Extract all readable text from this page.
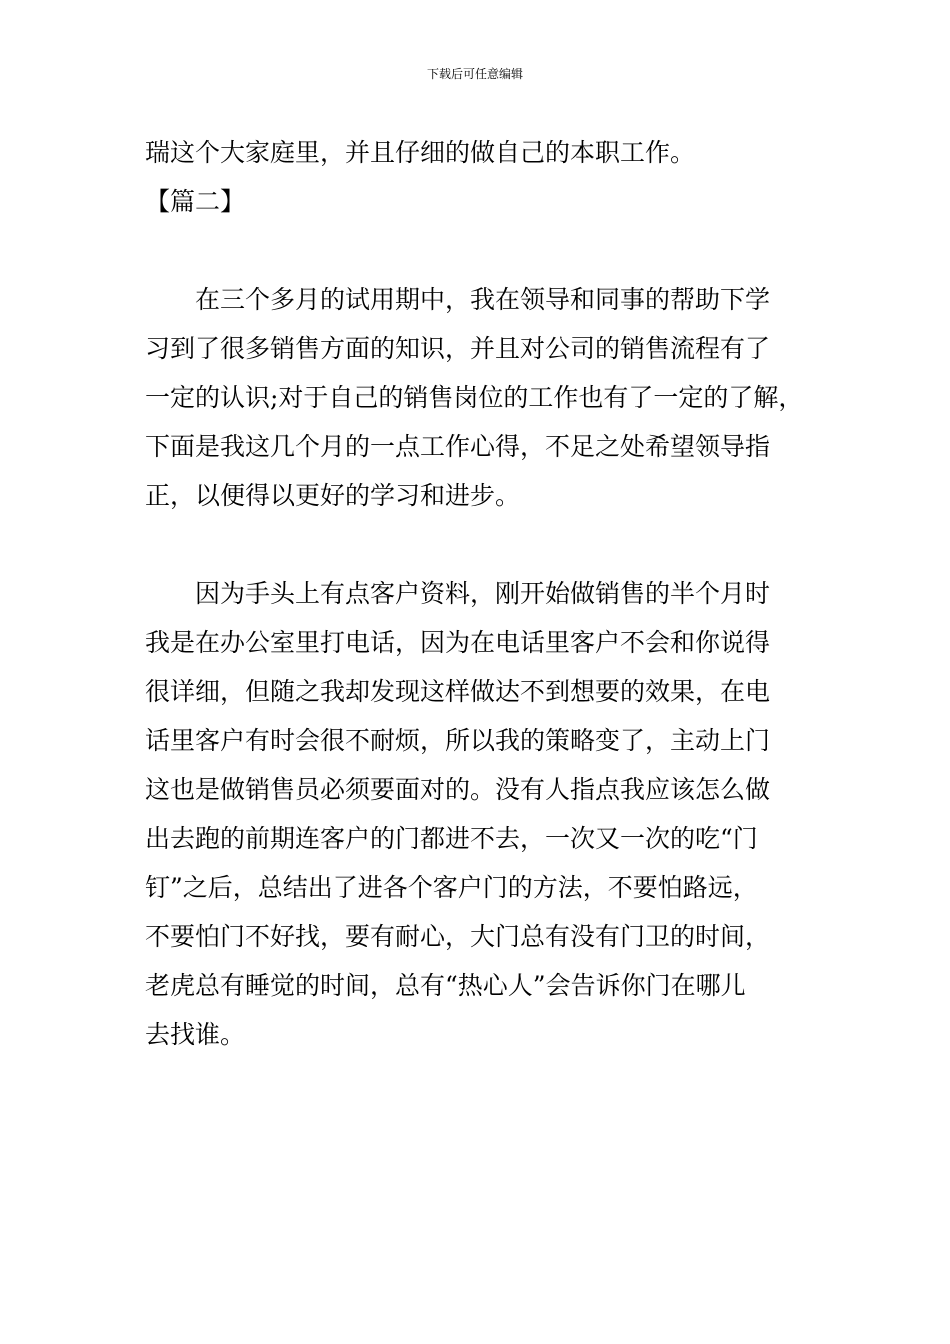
下载后可任意编辑
瑞这个大家庭里，并且仔细的做自己的本职工作。
【篇二】
　　在三个多月的试用期中，我在领导和同事的帮助下学
习到了很多销售方面的知识，并且对公司的销售流程有了
一定的认识;对于自己的销售岗位的工作也有了一定的了解，
下面是我这几个月的一点工作心得，不足之处希望领导指
正，以便得以更好的学习和进步。
　　因为手头上有点客户资料，刚开始做销售的半个月时
我是在办公室里打电话，因为在电话里客户不会和你说得
很详细，但随之我却发现这样做达不到想要的效果，在电
话里客户有时会很不耐烦，所以我的策略变了，主动上门
这也是做销售员必须要面对的。没有人指点我应该怎么做
出去跑的前期连客户的门都进不去，一次又一次的吃“门
钉”之后，总结出了进各个客户门的方法，不要怕路远，
不要怕门不好找，要有耐心，大门总有没有门卫的时间，
老虎总有睡觉的时间，总有“热心人”会告诉你门在哪儿
去找谁。
